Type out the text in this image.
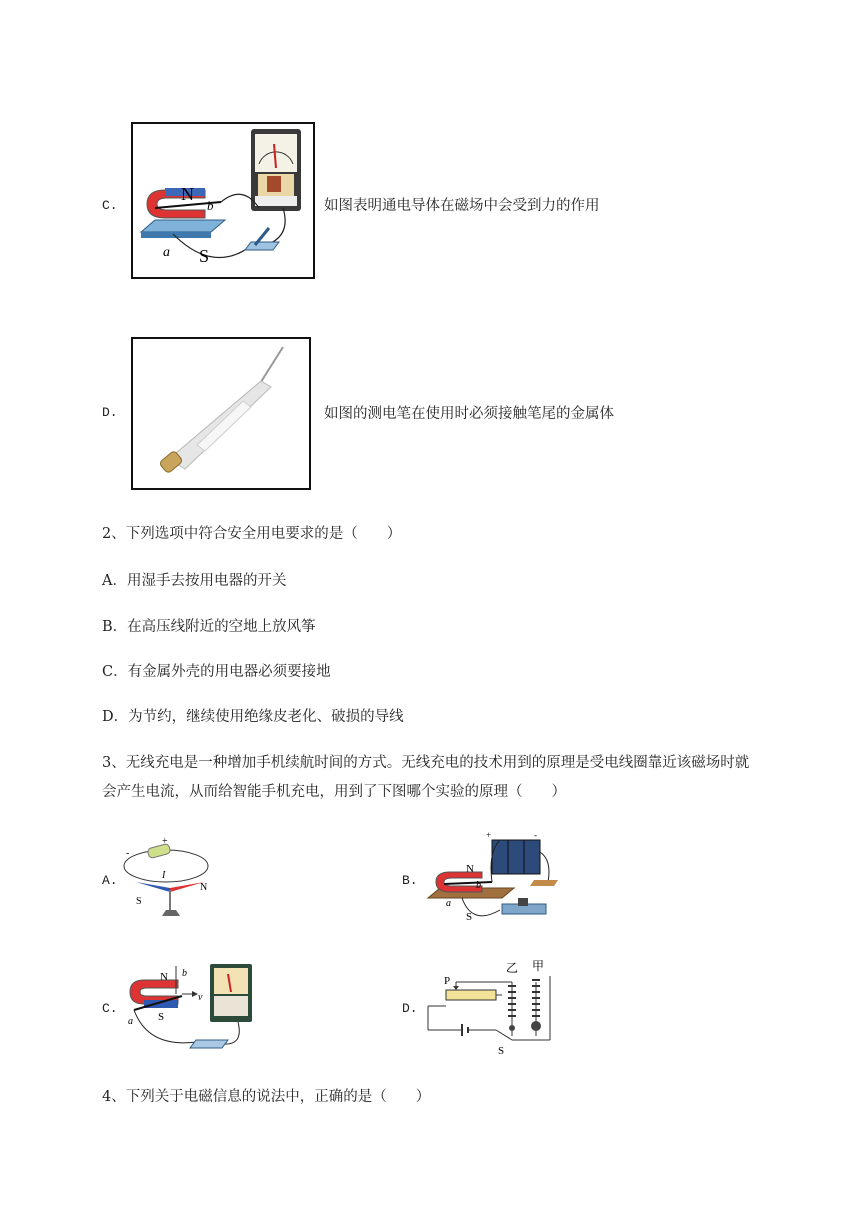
C.
N
b
a S
如图表明通电导体在磁场中会受到力的作用
D.	如图的测电笔在使用时必须接触笔尾的金属体
2、下列选项中符合安全用电要求的是（　　）
A．用湿手去按用电器的开关
B．在高压线附近的空地上放风筝
C．有金属外壳的用电器必须要接地
D．为节约，继续使用绝缘皮老化、破损的导线
3、无线充电是一种增加手机续航时间的方式。无线充电的技术用到的原理是受电线圈靠近该磁场时就
会产生电流，从而给智能手机充电，用到了下图哪个实验的原理（　　）
A.
+
-
I
S
N	B.
+	-
N
b
a
S
C.
N b
v
a S
D.
乙 甲
P
S
4、下列关于电磁信息的说法中，正确的是（　　）
